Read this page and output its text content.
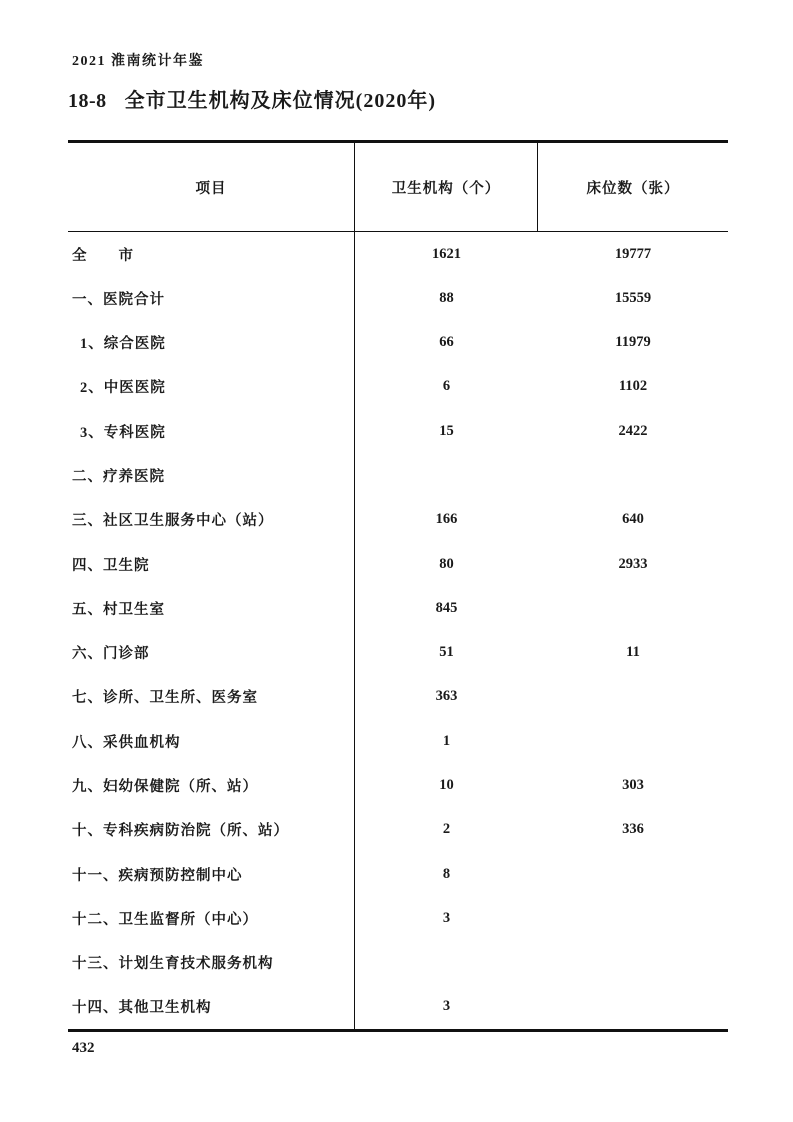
2021 淮南统计年鉴
18-8 全市卫生机构及床位情况(2020年)
项目	卫生机构（个）	床位数（张）
全　　市	1621	19777
一、医院合计	88	15559
1、综合医院	66	11979
2、中医医院	6	1102
3、专科医院	15	2422
二、疗养医院
三、社区卫生服务中心（站）	166	640
四、卫生院	80	2933
五、村卫生室	845
六、门诊部	51	11
七、诊所、卫生所、医务室	363
八、采供血机构	1
九、妇幼保健院（所、站）	10	303
十、专科疾病防治院（所、站）	2	336
十一、疾病预防控制中心	8
十二、卫生监督所（中心）	3
十三、计划生育技术服务机构
十四、其他卫生机构	3
432
